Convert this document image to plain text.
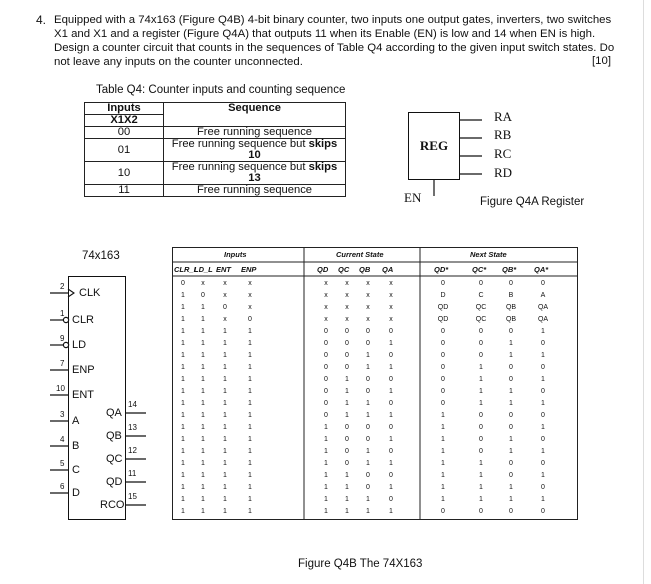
4. Equipped with a 74x163 (Figure Q4B) 4-bit binary counter, two inputs one output gates, inverters, two switches X1 and X1 and a register (Figure Q4A) that outputs 11 when its Enable (EN) is low and 14 when EN is high. Design a counter circuit that counts in the sequences of Table Q4 according to the given input switch states. Do not leave any inputs on the counter unconnected.	[10]
Table Q4: Counter inputs and counting sequence
Inputs	Sequence
X1X2	
00	Free running sequence
01	Free running sequence but skips 10
10	Free running sequence but skips 13
11	Free running sequence
REG
RA
RB
RC
RD
EN	Figure Q4A Register
74x163
2
CLK
1
CLR
9
LD
7
ENP
10
ENT
3
A
4
B
5
C
6
D
14
QA
13
QB
12
QC
11
QD
15
RCO
Inputs	Current State	Next State
CLR_L
LD_L ENT ENP	QD QC QB QA	QD*	QC* QB* QA*
0	x	x	x	x	x	x	x	0	0	0	0
1	0	x	x	x	x	x	x	D	C	B	A
1	1	0	x	x	x	x	x	QD	QC	QB	QA
1	1	x	0	x	x	x	x	QD	QC	QB	QA
1	1	1	1	0	0	0	0	0	0	0	1
1	1	1	1	0	0	0	1	0	0	1	0
1	1	1	1	0	0	1	0	0	0	1	1
1	1	1	1	0	0	1	1	0	1	0	0
1	1	1	1	0	1	0	0	0	1	0	1
1	1	1	1	0	1	0	1	0	1	1	0
1	1	1	1	0	1	1	0	0	1	1	1
1	1	1	1	0	1	1	1	1	0	0	0
1	1	1	1	1	0	0	0	1	0	0	1
1	1	1	1	1	0	0	1	1	0	1	0
1	1	1	1	1	0	1	0	1	0	1	1
1	1	1	1	1	0	1	1	1	1	0	0
1	1	1	1	1	1	0	0	1	1	0	1
1	1	1	1	1	1	0	1	1	1	1	0
1	1	1	1	1	1	1	0	1	1	1	1
1	1	1	1	1	1	1	1	0	0	0	0
Figure Q4B The 74X163
